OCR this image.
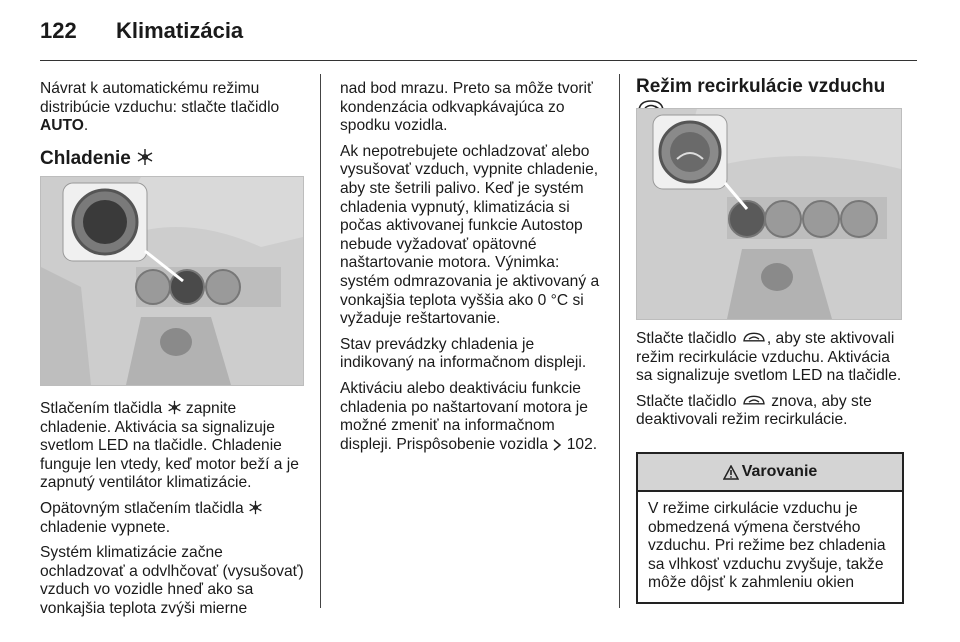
122 Klimatizácia

Návrat k automatickému režimu distribúcie vzduchu: stlačte tlačidlo AUTO.

Chladenie

Stlačením tlačidla zapnite chladenie. Aktivácia sa signalizuje svetlom LED na tlačidle. Chladenie funguje len vtedy, keď motor beží a je zapnutý ventilátor klimatizácie.

Opätovným stlačením tlačidla  chladenie vypnete.

Systém klimatizácie začne ochladzovať a odvlhčovať (vysušovať) vzduch vo vozidle hneď ako sa vonkajšia teplota zvýši mierne

nad bod mrazu. Preto sa môže tvoriť kondenzácia odkvapkávajúca zo spodku vozidla.

Ak nepotrebujete ochladzovať alebo vysušovať vzduch, vypnite chladenie, aby ste šetrili palivo. Keď je systém chladenia vypnutý, klimatizácia si počas aktivovanej funkcie Autostop nebude vyžadovať opätovné naštartovanie motora. Výnimka: systém odmrazovania je aktivovaný a vonkajšia teplota vyššia ako 0 °C si vyžaduje reštartovanie.

Stav prevádzky chladenia je indikovaný na informačnom displeji.

Aktiváciu alebo deaktiváciu funkcie chladenia po naštartovaní motora je možné zmeniť na informačnom displeji. Prispôsobenie vozidla 102.

Režim recirkulácie vzduchu

Stlačte tlačidlo , aby ste aktivovali režim recirkulácie vzduchu. Aktivácia sa signalizuje svetlom LED na tlačidle.

Stlačte tlačidlo znova, aby ste deaktivovali režim recirkulácie.

Varovanie
V režime cirkulácie vzduchu je obmedzená výmena čerstvého vzduchu. Pri režime bez chladenia sa vlhkosť vzduchu zvyšuje, takže môže dôjsť k zahmleniu okien
